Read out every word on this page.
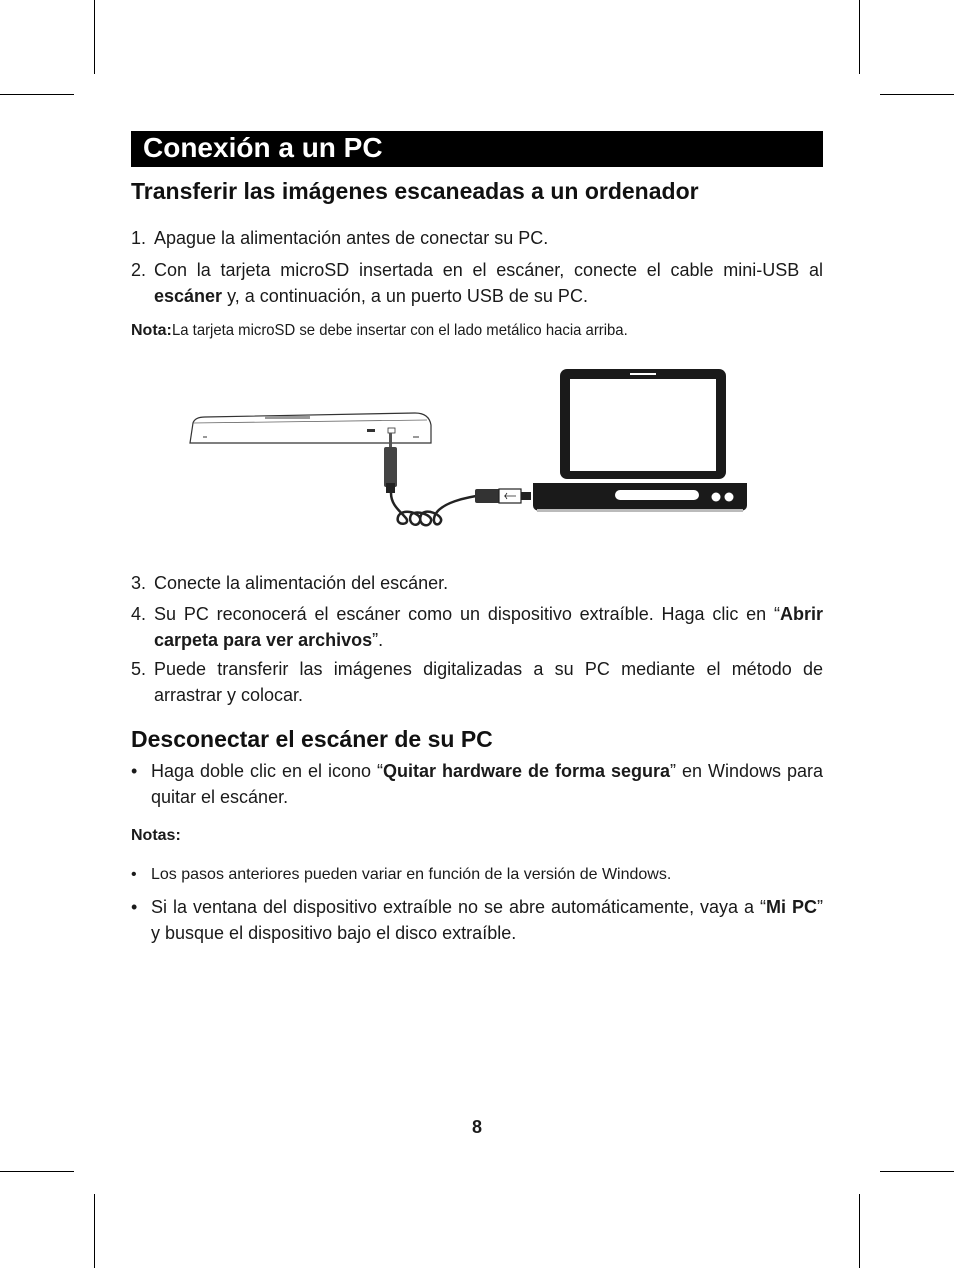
Conexión a un PC
Transferir las imágenes escaneadas a un ordenador
1. Apague la alimentación antes de conectar su PC.
2. Con la tarjeta microSD insertada en el escáner, conecte el cable mini-USB al escáner y, a continuación, a un puerto USB de su PC.
Nota:La tarjeta microSD se debe insertar con el lado metálico hacia arriba.
3. Conecte la alimentación del escáner.
4. Su PC reconocerá el escáner como un dispositivo extraíble. Haga clic en “Abrir carpeta para ver archivos”.
5. Puede transferir las imágenes digitalizadas a su PC mediante el método de arrastrar y colocar.
Desconectar el escáner de su PC
• Haga doble clic en el icono “Quitar hardware de forma segura” en Windows para quitar el escáner.
Notas:
• Los pasos anteriores pueden variar en función de la versión de Windows.
• Si la ventana del dispositivo extraíble no se abre automáticamente, vaya a “Mi PC” y busque el dispositivo bajo el disco extraíble.
8
